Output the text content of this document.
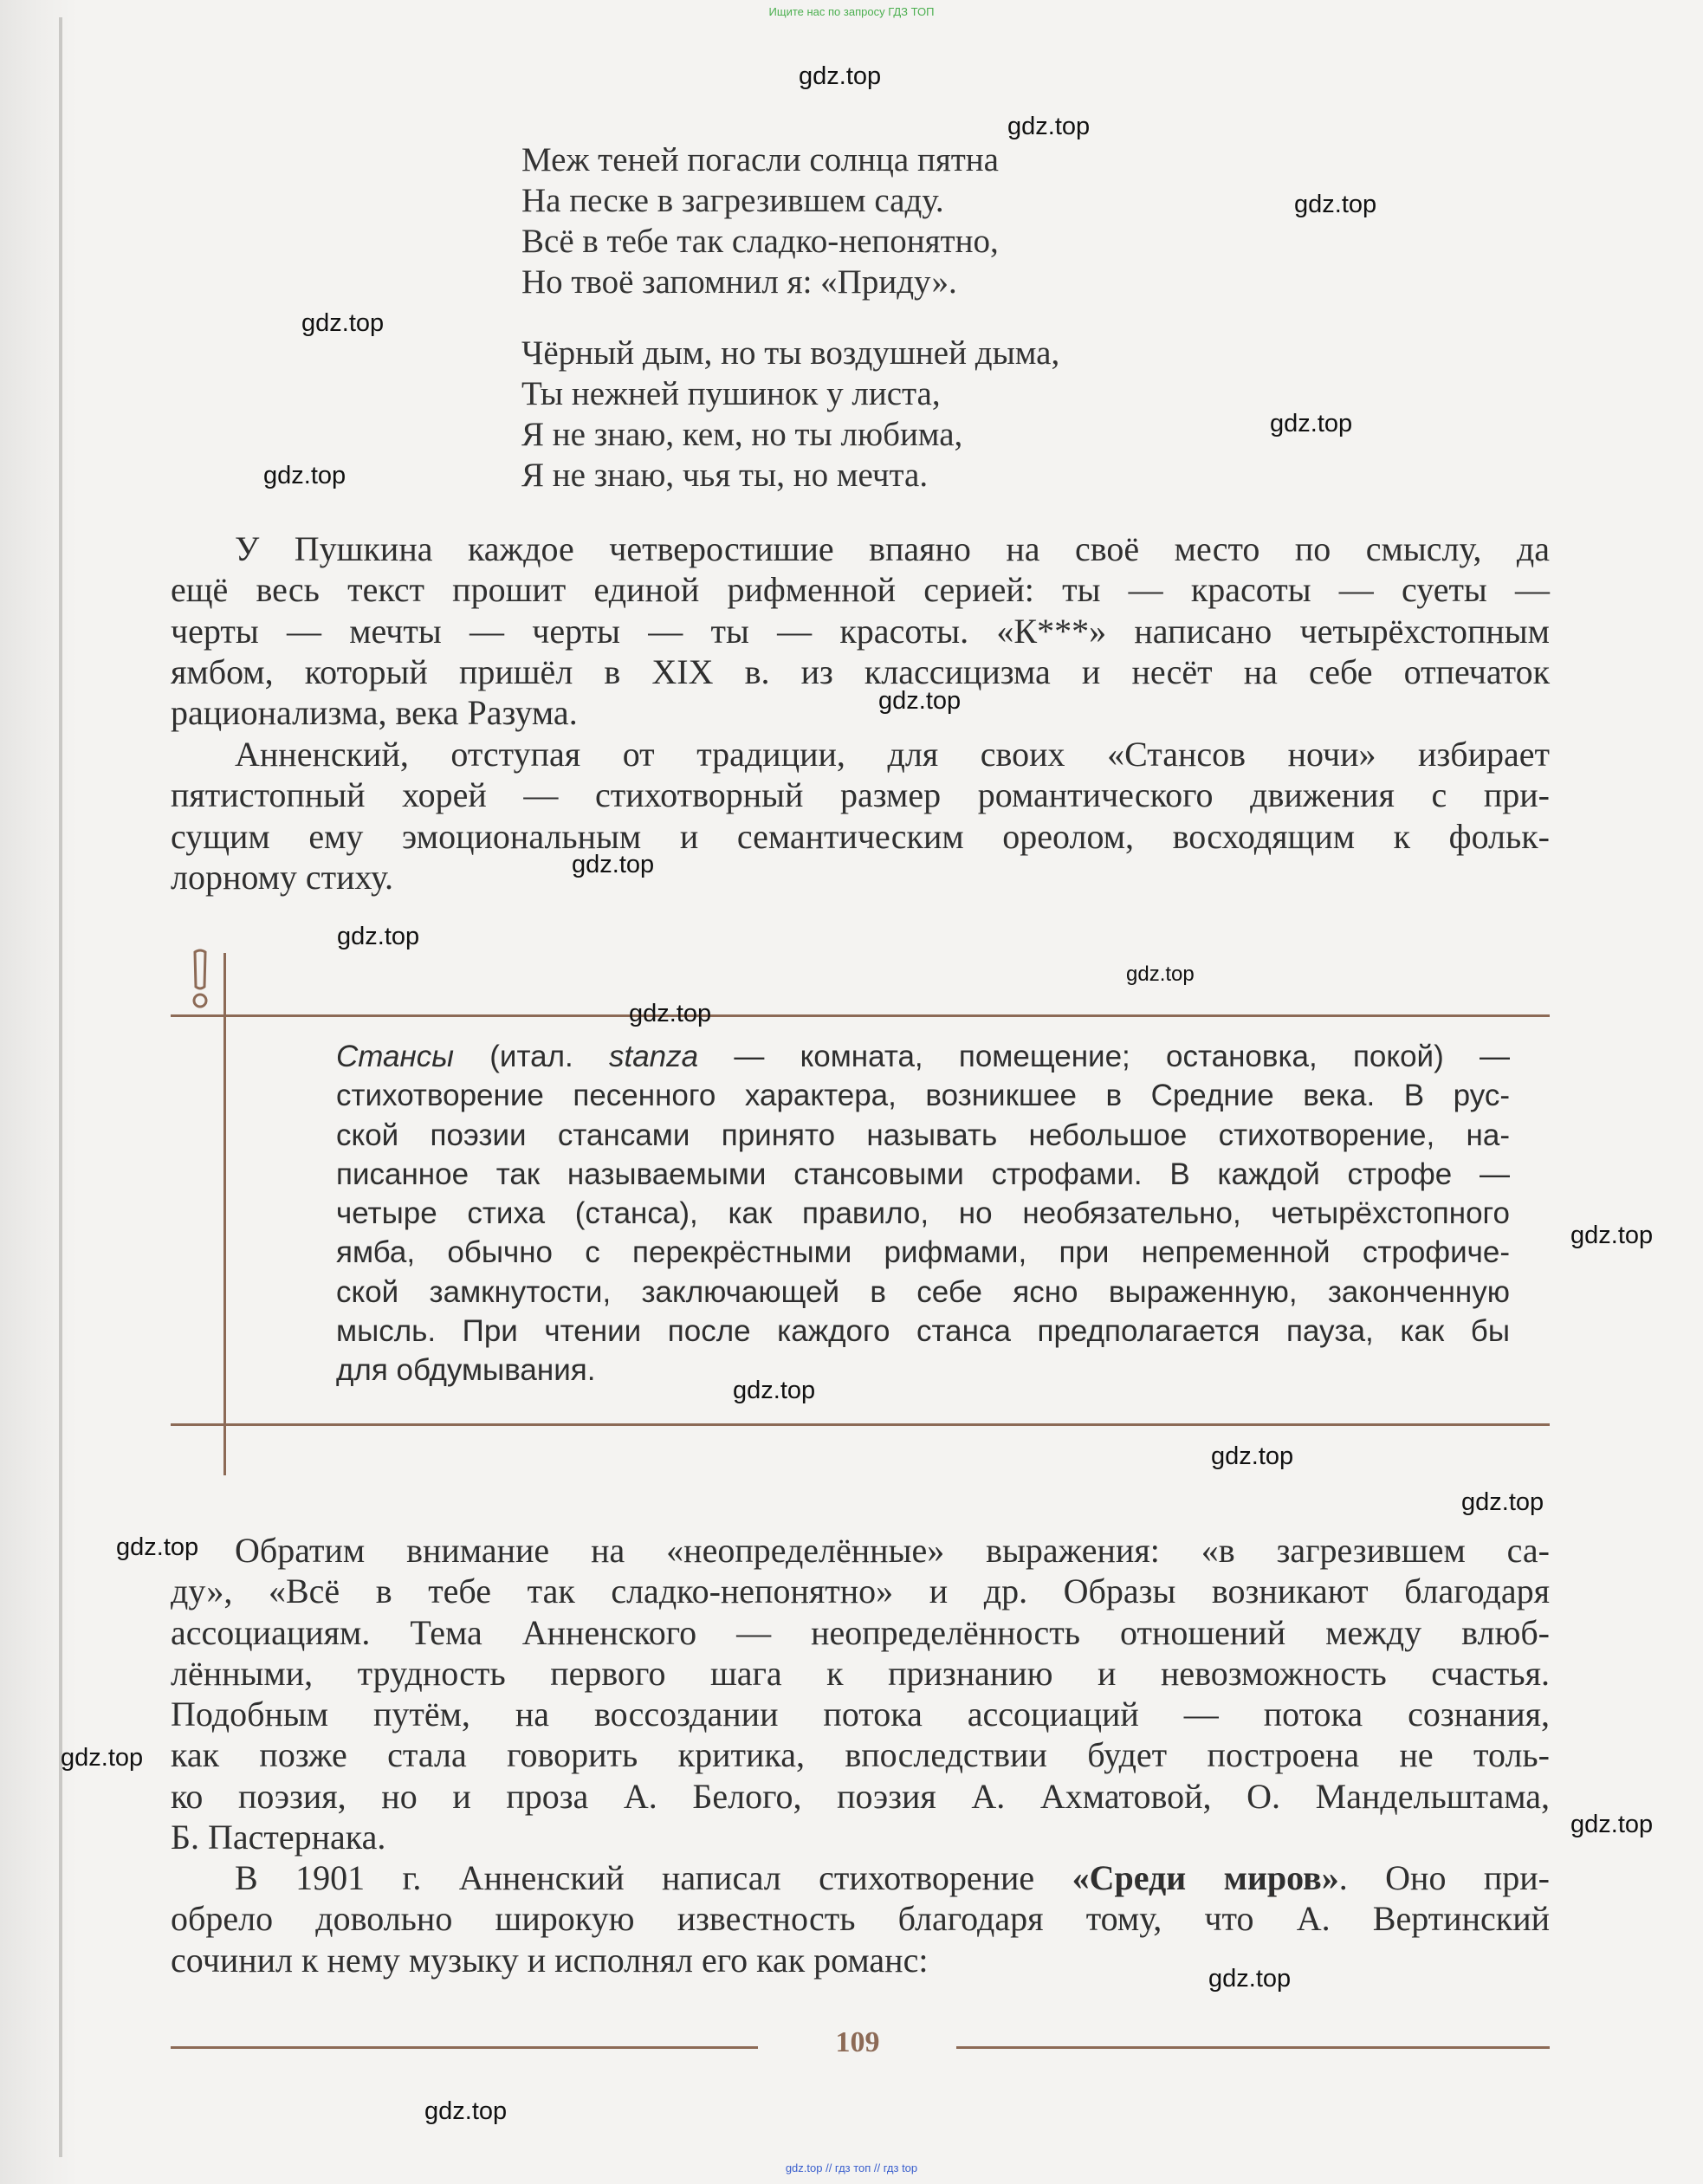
Ищите нас по запросу ГДЗ ТОП
Меж теней погасли солнца пятна
На песке в загрезившем саду.
Всё в тебе так сладко-непонятно,
Но твоё запомнил я: «Приду».
Чёрный дым, но ты воздушней дыма,
Ты нежней пушинок у листа,
Я не знаю, кем, но ты любима,
Я не знаю, чья ты, но мечта.
У Пушкина каждое четверостишие впаяно на своё место по смыслу, да
ещё весь текст прошит единой рифменной серией: ты — красоты — суеты —
черты — мечты — черты — ты — красоты. «К***» написано четырёхстопным
ямбом, который пришёл в XIX в. из классицизма и несёт на себе отпечаток
рационализма, века Разума.
Анненский, отступая от традиции, для своих «Стансов ночи» избирает
пятистопный хорей — стихотворный размер романтического движения с при-
сущим ему эмоциональным и семантическим ореолом, восходящим к фольк-
лорному стиху.
Стансы (итал. stanza — комната, помещение; остановка, покой) —
стихотворение песенного характера, возникшее в Средние века. В рус-
ской поэзии стансами принято называть небольшое стихотворение, на-
писанное так называемыми стансовыми строфами. В каждой строфе —
четыре стиха (станса), как правило, но необязательно, четырёхстопного
ямба, обычно с перекрёстными рифмами, при непременной строфиче-
ской замкнутости, заключающей в себе ясно выраженную, законченную
мысль. При чтении после каждого станса предполагается пауза, как бы
для обдумывания.
Обратим внимание на «неопределённые» выражения: «в загрезившем са-
ду», «Всё в тебе так сладко-непонятно» и др. Образы возникают благодаря
ассоциациям. Тема Анненского — неопределённость отношений между влюб-
лёнными, трудность первого шага к признанию и невозможность счастья.
Подобным путём, на воссоздании потока ассоциаций — потока сознания,
как позже стала говорить критика, впоследствии будет построена не толь-
ко поэзия, но и проза А. Белого, поэзия А. Ахматовой, О. Мандельштама,
Б. Пастернака.
В 1901 г. Анненский написал стихотворение «Среди миров». Оно при-
обрело довольно широкую известность благодаря тому, что А. Вертинский
сочинил к нему музыку и исполнял его как романс:
109
gdz.top
gdz.top
gdz.top
gdz.top
gdz.top
gdz.top
gdz.top
gdz.top
gdz.top
gdz.top
gdz.top
gdz.top
gdz.top
gdz.top
gdz.top
gdz.top
gdz.top
gdz.top
gdz.top
gdz.top
gdz.top // гдз топ // гдз top
